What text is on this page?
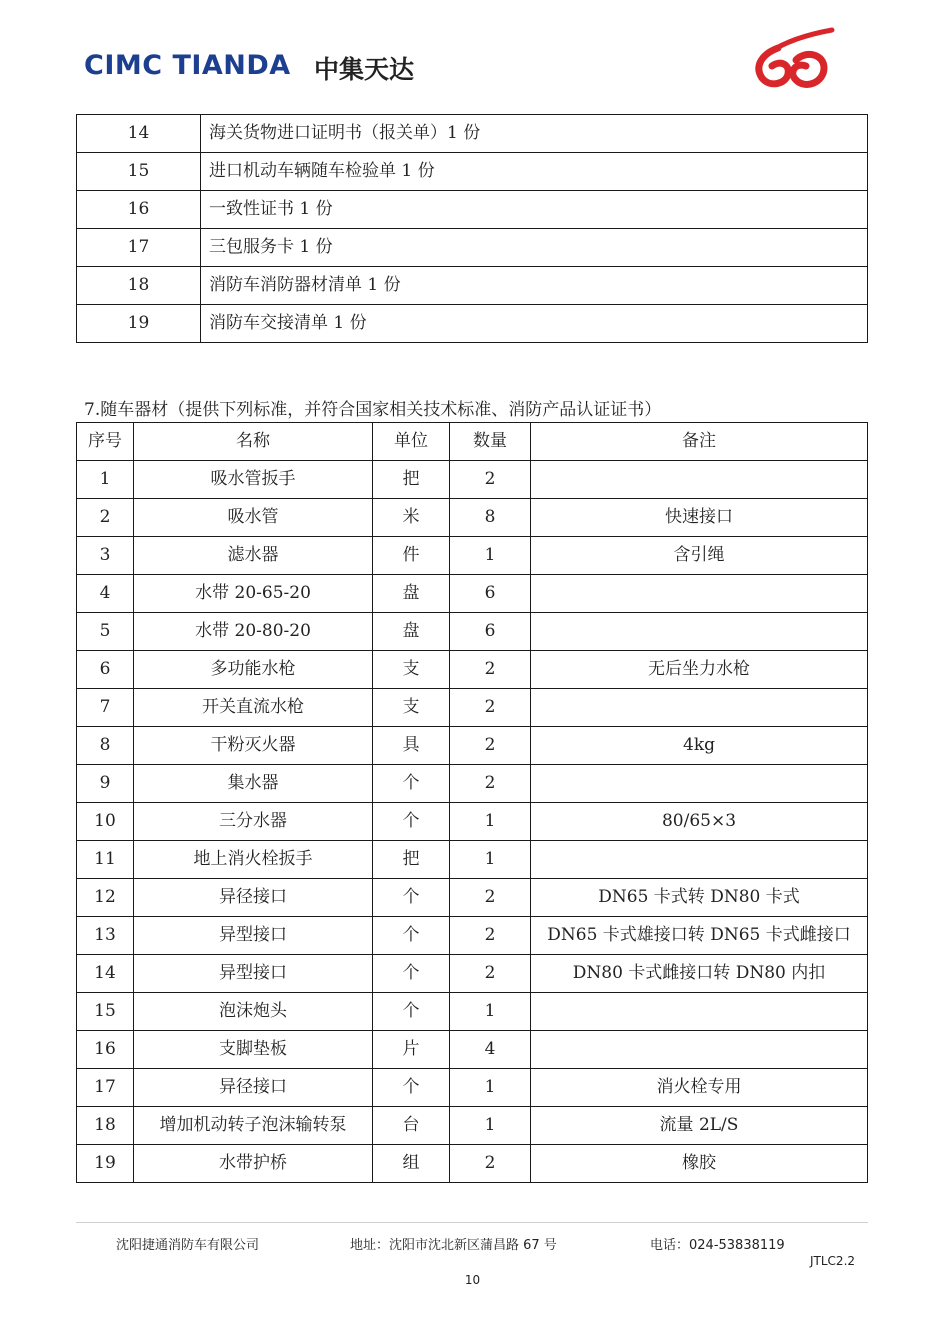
CIMC TIANDA 中集天达
14	海关货物进口证明书（报关单）1 份
15	进口机动车辆随车检验单 1 份
16	一致性证书 1 份
17	三包服务卡 1 份
18	消防车消防器材清单 1 份
19	消防车交接清单 1 份
7.随车器材（提供下列标准，并符合国家相关技术标准、消防产品认证证书）
序号	名称	单位	数量	备注
1	吸水管扳手	把	2	
2	吸水管	米	8	快速接口
3	滤水器	件	1	含引绳
4	水带 20-65-20	盘	6	
5	水带 20-80-20	盘	6	
6	多功能水枪	支	2	无后坐力水枪
7	开关直流水枪	支	2	
8	干粉灭火器	具	2	4kg
9	集水器	个	2	
10	三分水器	个	1	80/65×3
11	地上消火栓扳手	把	1	
12	异径接口	个	2	DN65 卡式转 DN80 卡式
13	异型接口	个	2	DN65 卡式雄接口转 DN65 卡式雌接口
14	异型接口	个	2	DN80 卡式雌接口转 DN80 内扣
15	泡沫炮头	个	1	
16	支脚垫板	片	4	
17	异径接口	个	1	消火栓专用
18	增加机动转子泡沫输转泵	台	1	流量 2L/S
19	水带护桥	组	2	橡胶
沈阳捷通消防车有限公司	地址：沈阳市沈北新区蒲昌路 67 号	电话：024-53838119
JTLC2.2
10
